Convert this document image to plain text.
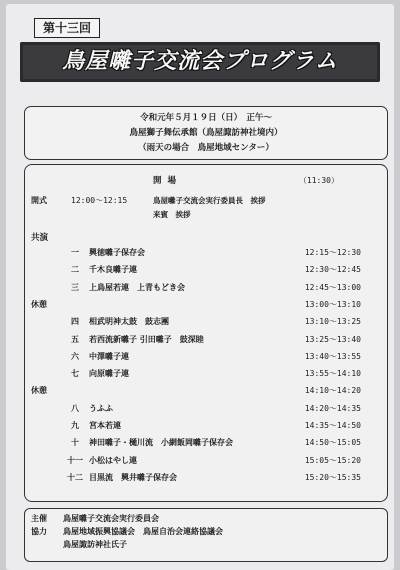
第十三回
鳥屋囃子交流会プログラム
令和元年５月１９日（日）　正午～
鳥屋獅子舞伝承館（鳥屋諏訪神社境内）
（雨天の場合　鳥屋地域センター）
開場	（11:30）
開式	12:00～12:15	鳥屋囃子交流会実行委員長　挨拶
来賓　挨拶
共演
一	興徳囃子保存会	12:15～12:30
二	千木良囃子連	12:30～12:45
三	上鳥屋若連　上青もどき会	12:45～13:00
休憩	13:00～13:10
四	相武明神太鼓　鼓志團	13:10～13:25
五	若西流新囃子 引田囃子　鼓深睦	13:25～13:40
六	中澤囃子連	13:40～13:55
七	向原囃子連	13:55～14:10
休憩	14:10～14:20
八	うふふ	14:20～14:35
九	宮本若連	14:35～14:50
十	神田囃子・樋川流　小網飯岡囃子保存会	14:50～15:05
十一 小松はやし連	15:05～15:20
十二 目黒流　興井囃子保存会	15:20～15:35
主催 鳥屋囃子交流会実行委員会
協力 鳥屋地域振興協議会　鳥屋自治会連絡協議会
鳥屋諏訪神社氏子
